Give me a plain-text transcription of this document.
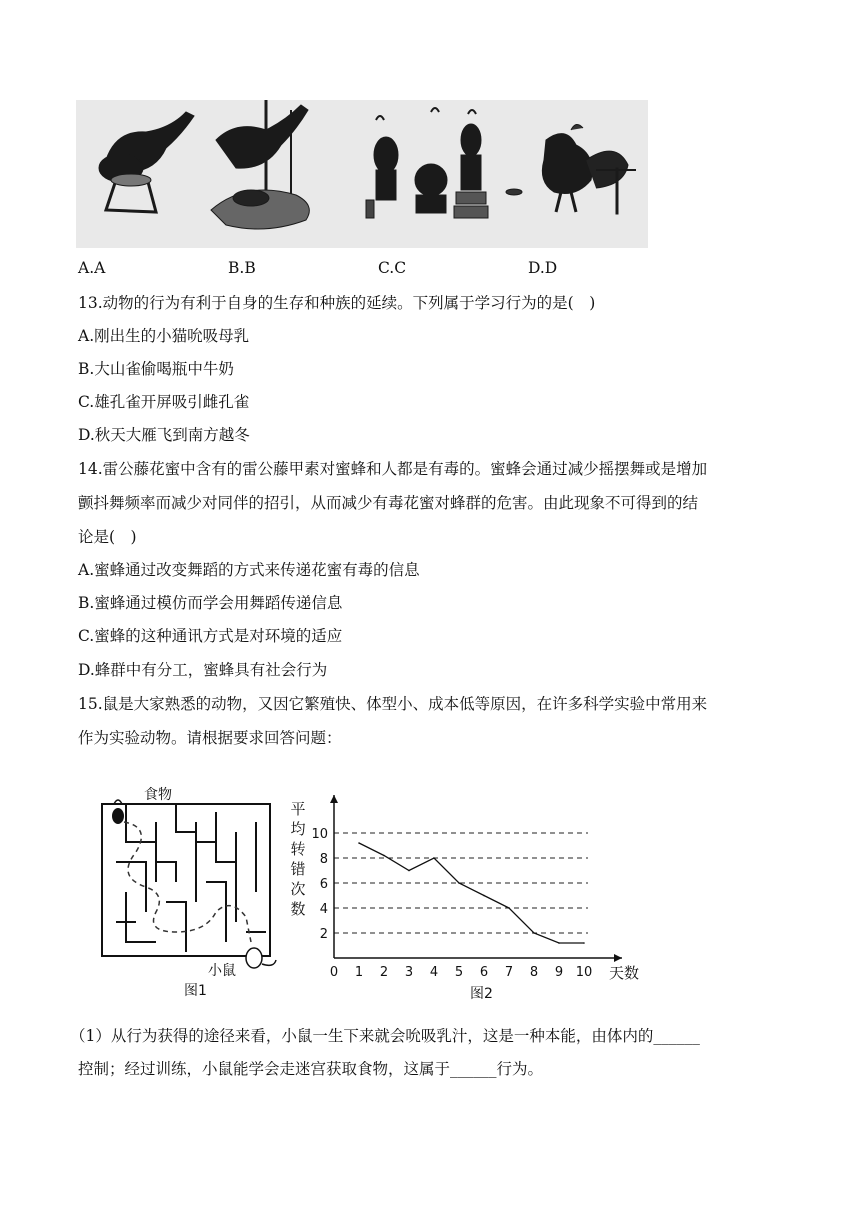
A.A	B.B	C.C	D.D
13.动物的行为有利于自身的生存和种族的延续。下列属于学习行为的是(　)
A.刚出生的小猫吮吸母乳
B.大山雀偷喝瓶中牛奶
C.雄孔雀开屏吸引雌孔雀
D.秋天大雁飞到南方越冬
14.雷公藤花蜜中含有的雷公藤甲素对蜜蜂和人都是有毒的。蜜蜂会通过减少摇摆舞或是增加
颤抖舞频率而减少对同伴的招引，从而减少有毒花蜜对蜂群的危害。由此现象不可得到的结
论是(　)
A.蜜蜂通过改变舞蹈的方式来传递花蜜有毒的信息
B.蜜蜂通过模仿而学会用舞蹈传递信息
C.蜜蜂的这种通讯方式是对环境的适应
D.蜂群中有分工，蜜蜂具有社会行为
15.鼠是大家熟悉的动物，又因它繁殖快、体型小、成本低等原因，在许多科学实验中常用来
作为实验动物。请根据要求回答问题：
食物
小鼠
图1	图2
0 1 2 3 4 5 6 7 8 9 10
2
4
6
8
10
天数
平
均
转
错
次
数
（1）从行为获得的途径来看，小鼠一生下来就会吮吸乳汁，这是一种本能，由体内的______
控制；经过训练，小鼠能学会走迷宫获取食物，这属于______行为。
